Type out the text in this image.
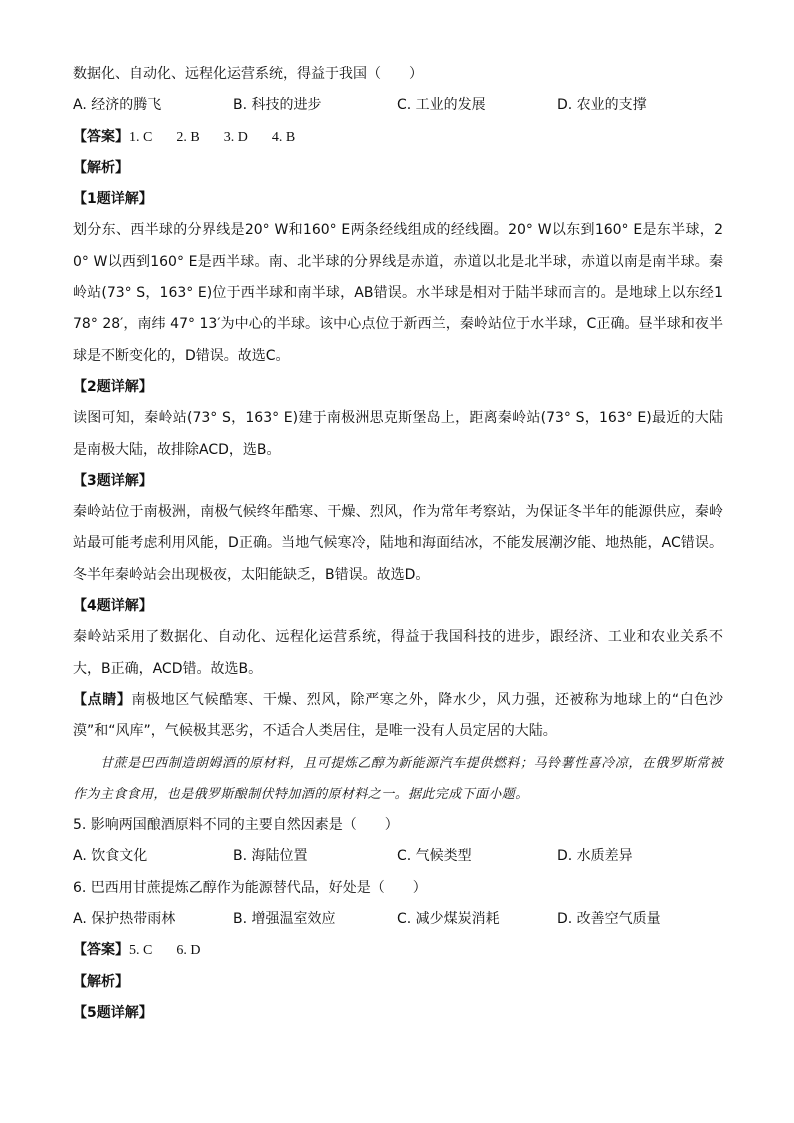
数据化、自动化、远程化运营系统，得益于我国（　　）

A. 经济的腾飞	B. 科技的进步	C. 工业的发展	D. 农业的支撑

【答案】1. C 2. B 3. D 4. B

【解析】

【1题详解】

划分东、西半球的分界线是20° W和160° E两条经线组成的经线圈。20° W以东到160° E是东半球，20° W以西到160° E是西半球。南、北半球的分界线是赤道，赤道以北是北半球，赤道以南是南半球。秦岭站(73° S，163° E)位于西半球和南半球，AB错误。水半球是相对于陆半球而言的。是地球上以东经178° 28′，南纬 47° 13′为中心的半球。该中心点位于新西兰，秦岭站位于水半球，C正确。昼半球和夜半球是不断变化的，D错误。故选C。

【2题详解】

读图可知，秦岭站(73° S，163° E)建于南极洲思克斯堡岛上，距离秦岭站(73° S，163° E)最近的大陆是南极大陆，故排除ACD，选B。

【3题详解】

秦岭站位于南极洲，南极气候终年酷寒、干燥、烈风，作为常年考察站，为保证冬半年的能源供应，秦岭站最可能考虑利用风能，D正确。当地气候寒冷，陆地和海面结冰，不能发展潮汐能、地热能，AC错误。冬半年秦岭站会出现极夜，太阳能缺乏，B错误。故选D。

【4题详解】

秦岭站采用了数据化、自动化、远程化运营系统，得益于我国科技的进步，跟经济、工业和农业关系不大，B正确，ACD错。故选B。

【点睛】南极地区气候酷寒、干燥、烈风，除严寒之外，降水少，风力强，还被称为地球上的“白色沙漠”和“风库”，气候极其恶劣，不适合人类居住，是唯一没有人员定居的大陆。

甘蔗是巴西制造朗姆酒的原材料，且可提炼乙醇为新能源汽车提供燃料；马铃薯性喜冷凉，在俄罗斯常被作为主食食用，也是俄罗斯酿制伏特加酒的原材料之一。据此完成下面小题。

5. 影响两国酿酒原料不同的主要自然因素是（　　）

A. 饮食文化	B. 海陆位置	C. 气候类型	D. 水质差异

6. 巴西用甘蔗提炼乙醇作为能源替代品，好处是（　　）

A. 保护热带雨林	B. 增强温室效应	C. 减少煤炭消耗	D. 改善空气质量

【答案】5. C 6. D

【解析】

【5题详解】
